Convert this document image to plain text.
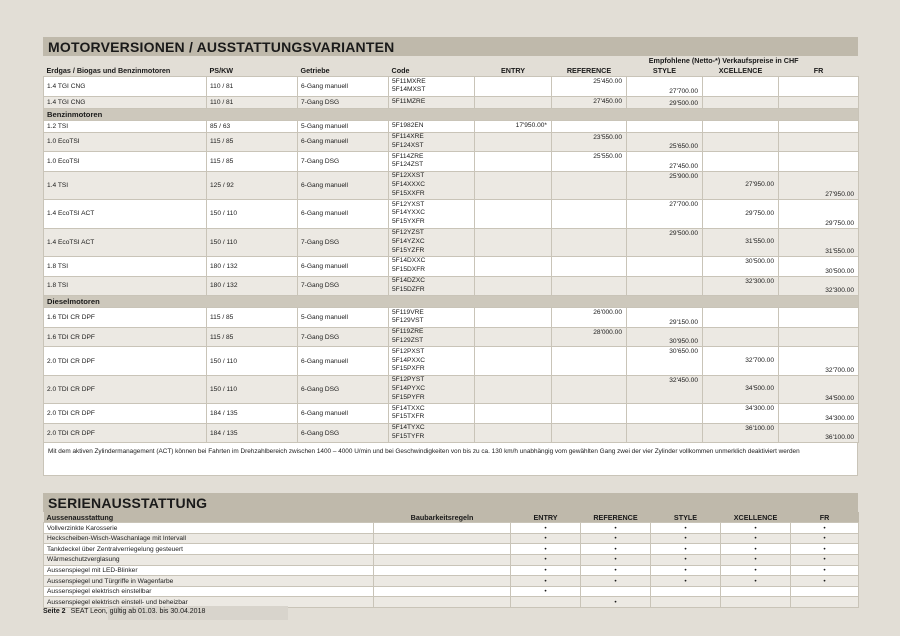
MOTORVERSIONEN / AUSSTATTUNGSVARIANTEN
				Empfohlene (Netto-*) Verkaufspreise in CHF				
Erdgas / Biogas und Benzinmotoren	PS/KW	Getriebe	Code	ENTRY	REFERENCE	STYLE	XCELLENCE	FR
1.4 TGI CNG	110 / 81	6-Gang manuell	5F11MXRE
5F14MXST		25'450.00	27'700.00		

1.4 TGI CNG	110 / 81	7-Gang DSG	5F11MZRE		27'450.00	29'500.00		

Benzinmotoren								
1.2 TSI	85 / 63	5-Gang manuell	5F1982EN	17'950.00*				

1.0 EcoTSI	115 / 85	6-Gang manuell	5F114XRE
5F124XST		23'550.00	25'650.00		

1.0 EcoTSI	115 / 85	7-Gang DSG	5F114ZRE
5F124ZST		25'550.00	27'450.00		

1.4 TSI	125 / 92	6-Gang manuell	5F12XXST
5F14XXXC
5F15XXFR			25'900.00	27'950.00	27'950.00

1.4 EcoTSI ACT	150 / 110	6-Gang manuell	5F12YXST
5F14YXXC
5F15YXFR			27'700.00	29'750.00	29'750.00

1.4 EcoTSI ACT	150 / 110	7-Gang DSG	5F12YZST
5F14YZXC
5F15YZFR			29'500.00	31'550.00	31'550.00

1.8 TSI	180 / 132	6-Gang manuell	5F14DXXC
5F15DXFR				30'500.00	30'500.00

1.8 TSI	180 / 132	7-Gang DSG	5F14DZXC
5F15DZFR				32'300.00	32'300.00

Dieselmotoren								
1.6 TDI CR DPF	115 / 85	5-Gang manuell	5F119VRE
5F129VST		26'000.00	29'150.00		

1.6 TDI CR DPF	115 / 85	7-Gang DSG	5F119ZRE
5F129ZST		28'000.00	30'950.00		

2.0 TDI CR DPF	150 / 110	6-Gang manuell	5F12PXST
5F14PXXC
5F15PXFR			30'650.00	32'700.00	32'700.00

2.0 TDI CR DPF	150 / 110	6-Gang DSG	5F12PYST
5F14PYXC
5F15PYFR			32'450.00	34'500.00	34'500.00

2.0 TDI CR DPF	184 / 135	6-Gang manuell	5F14TXXC
5F15TXFR				34'300.00	34'300.00

2.0 TDI CR DPF	184 / 135	6-Gang DSG	5F14TYXC
5F15TYFR				36'100.00	36'100.00
Mit dem aktiven Zylindermanagement (ACT) können bei Fahrten im Drehzahlbereich zwischen 1400 – 4000 U/min und bei Geschwindigkeiten von bis zu ca. 130 km/h unabhängig vom gewählten Gang zwei der vier Zylinder vollkommen unmerklich deaktiviert werden
SERIENAUSSTATTUNG
Aussenausstattung	Baubarkeitsregeln	ENTRY	REFERENCE	STYLE	XCELLENCE	FR
Vollverzinkte Karosserie		•	•	•	•	•
Heckscheiben-Wisch-Waschanlage mit Intervall		•	•	•	•	•
Tankdeckel über Zentralverriegelung gesteuert		•	•	•	•	•
Wärmeschutzverglasung		•	•	•	•	•
Aussenspiegel mit LED-Blinker		•	•	•	•	•
Aussenspiegel und Türgriffe in Wagenfarbe		•	•	•	•	•
Aussenspiegel elektrisch einstellbar		•				
Aussenspiegel elektrisch einstell- und beheizbar			•			
Seite 2 SEAT Leon, gültig ab 01.03. bis 30.04.2018
